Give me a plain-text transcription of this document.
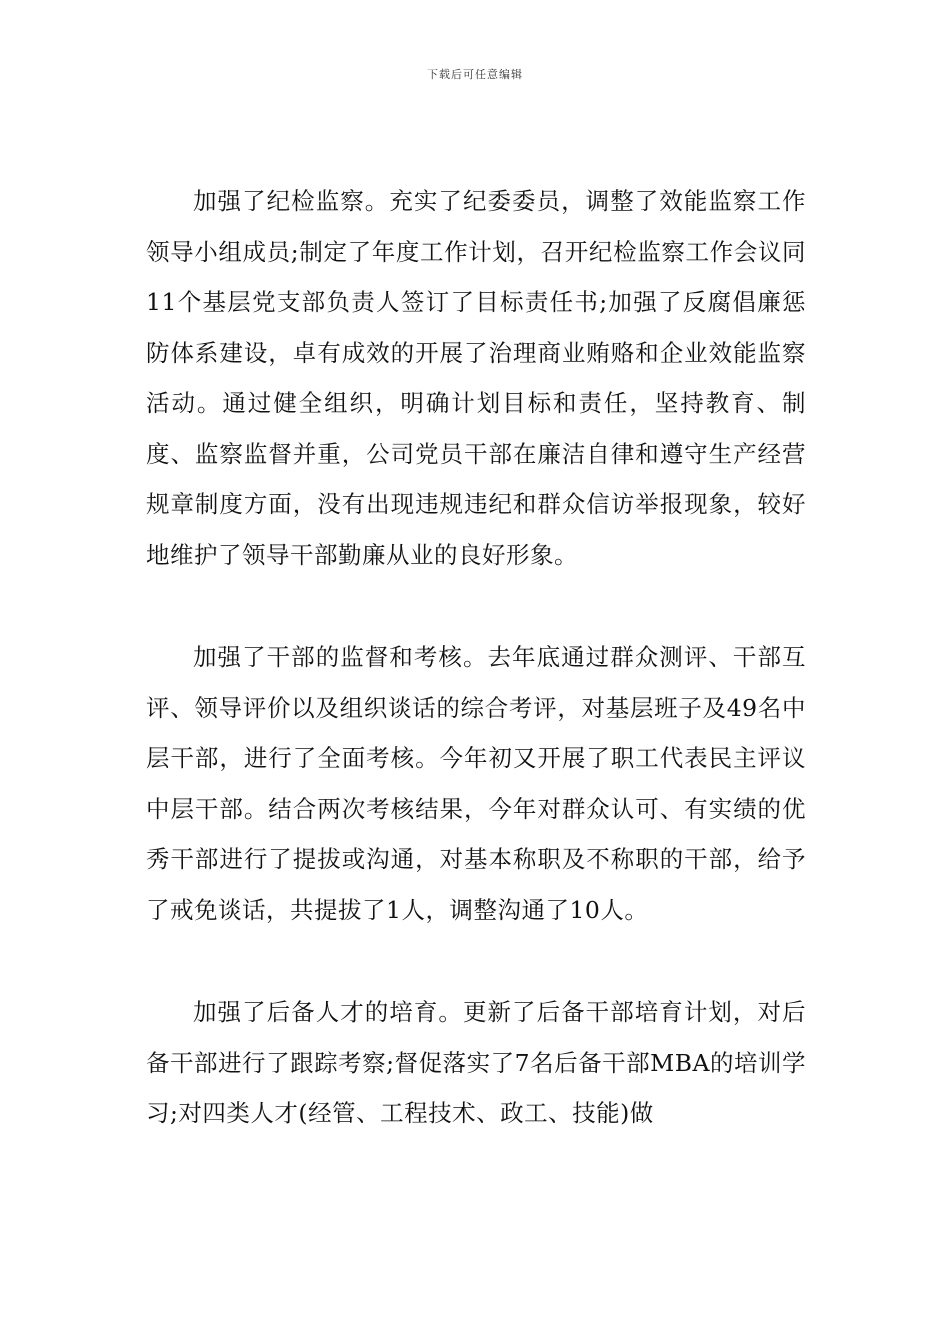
下载后可任意编辑

加强了纪检监察。充实了纪委委员，调整了效能监察工作领导小组成员;制定了年度工作计划，召开纪检监察工作会议同11个基层党支部负责人签订了目标责任书;加强了反腐倡廉惩防体系建设，卓有成效的开展了治理商业贿赂和企业效能监察活动。通过健全组织，明确计划目标和责任，坚持教育、制度、监察监督并重，公司党员干部在廉洁自律和遵守生产经营规章制度方面，没有出现违规违纪和群众信访举报现象，较好地维护了领导干部勤廉从业的良好形象。

加强了干部的监督和考核。去年底通过群众测评、干部互评、领导评价以及组织谈话的综合考评，对基层班子及49名中层干部，进行了全面考核。今年初又开展了职工代表民主评议中层干部。结合两次考核结果，今年对群众认可、有实绩的优秀干部进行了提拔或沟通，对基本称职及不称职的干部，给予了戒免谈话，共提拔了1人，调整沟通了10人。

加强了后备人才的培育。更新了后备干部培育计划，对后备干部进行了跟踪考察;督促落实了7名后备干部MBA的培训学习;对四类人才(经管、工程技术、政工、技能)做
